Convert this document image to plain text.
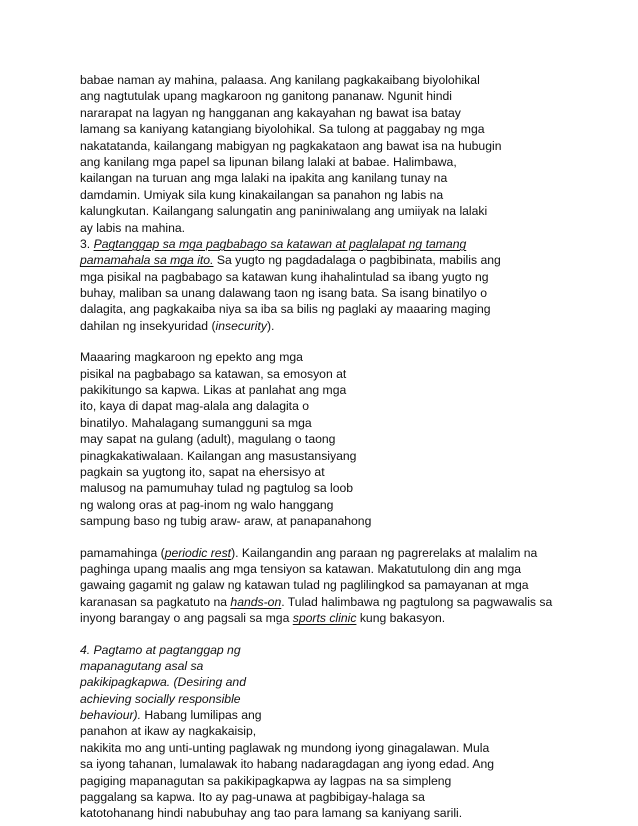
babae naman ay mahina, palaasa. Ang kanilang pagkakaibang biyolohikal
ang nagtutulak upang magkaroon ng ganitong pananaw. Ngunit hindi
nararapat na lagyan ng hangganan ang kakayahan ng bawat isa batay
lamang sa kaniyang katangiang biyolohikal. Sa tulong at paggabay ng mga
nakatatanda, kailangang mabigyan ng pagkakataon ang bawat isa na hubugin
ang kanilang mga papel sa lipunan bilang lalaki at babae. Halimbawa,
kailangan na turuan ang mga lalaki na ipakita ang kanilang tunay na
damdamin. Umiyak sila kung kinakailangan sa panahon ng labis na
kalungkutan. Kailangang salungatin ang paniniwalang ang umiiyak na lalaki
ay labis na mahina.
3. Pagtanggap sa mga pagbabago sa katawan at paglalapat ng tamang
pamamahala sa mga ito. Sa yugto ng pagdadalaga o pagbibinata, mabilis ang
mga pisikal na pagbabago sa katawan kung ihahalintulad sa ibang yugto ng
buhay, maliban sa unang dalawang taon ng isang bata. Sa isang binatilyo o
dalagita, ang pagkakaiba niya sa iba sa bilis ng paglaki ay maaaring maging
dahilan ng insekyuridad (insecurity).
Maaaring magkaroon ng epekto ang mga
pisikal na pagbabago sa katawan, sa emosyon at
pakikitungo sa kapwa. Likas at panlahat ang mga
ito, kaya di dapat mag-alala ang dalagita o
binatilyo. Mahalagang sumangguni sa mga
may sapat na gulang (adult), magulang o taong
pinagkakatiwalaan. Kailangan ang masustansiyang
pagkain sa yugtong ito, sapat na ehersisyo at
malusog na pamumuhay tulad ng pagtulog sa loob
ng walong oras at pag-inom ng walo hanggang
sampung baso ng tubig araw- araw, at panapanahong
pamamahinga (periodic rest). Kailangandin ang paraan ng pagrerelaks at malalim na
paghinga upang maalis ang mga tensiyon sa katawan. Makatutulong din ang mga
gawaing gagamit ng galaw ng katawan tulad ng paglilingkod sa pamayanan at mga
karanasan sa pagkatuto na hands-on. Tulad halimbawa ng pagtulong sa pagwawalis sa
inyong barangay o ang pagsali sa mga sports clinic kung bakasyon.
4. Pagtamo at pagtanggap ng
mapanagutang asal sa
pakikipagkapwa. (Desiring and
achieving socially responsible
behaviour). Habang lumilipas ang
panahon at ikaw ay nagkakaisip,
nakikita mo ang unti-unting paglawak ng mundong iyong ginagalawan. Mula
sa iyong tahanan, lumalawak ito habang nadaragdagan ang iyong edad. Ang
pagiging mapanagutan sa pakikipagkapwa ay lagpas na sa simpleng
paggalang sa kapwa. Ito ay pag-unawa at pagbibigay-halaga sa
katotohanang hindi nabubuhay ang tao para lamang sa kaniyang sarili.
